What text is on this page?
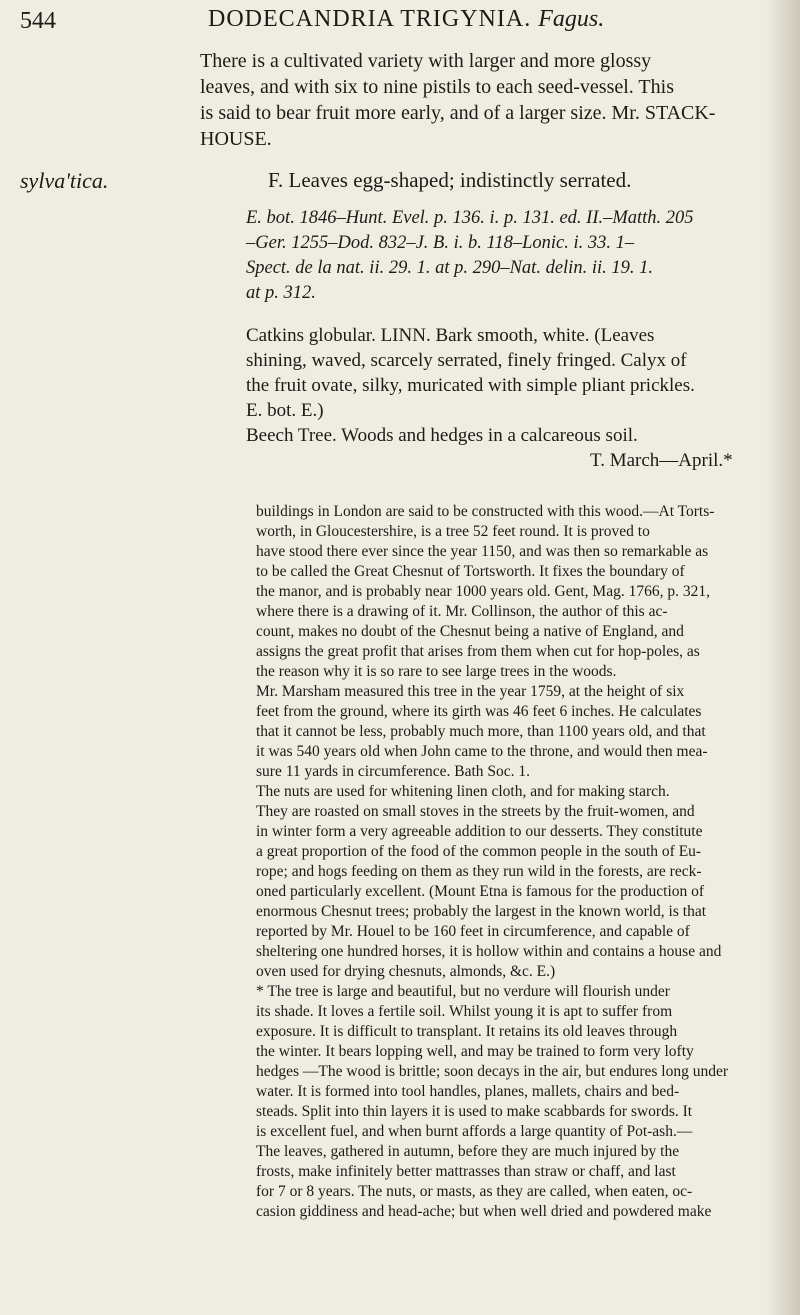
544	DODECANDRIA TRIGYNIA. Fagus.
There is a cultivated variety with larger and more glossy
leaves, and with six to nine pistils to each seed-vessel. This
is said to bear fruit more early, and of a larger size. Mr. STACK-
HOUSE.
sylva'tica.	F. Leaves egg-shaped; indistinctly serrated.
E. bot. 1846–Hunt. Evel. p. 136. i. p. 131. ed. II.–Matth. 205
–Ger. 1255–Dod. 832–J. B. i. b. 118–Lonic. i. 33. 1–
Spect. de la nat. ii. 29. 1. at p. 290–Nat. delin. ii. 19. 1.
at p. 312.
Catkins globular. LINN. Bark smooth, white. (Leaves
shining, waved, scarcely serrated, finely fringed. Calyx of
the fruit ovate, silky, muricated with simple pliant prickles.
E. bot. E.)
Beech Tree. Woods and hedges in a calcareous soil.
T. March—April.*
buildings in London are said to be constructed with this wood.—At Torts-
worth, in Gloucestershire, is a tree 52 feet round. It is proved to
have stood there ever since the year 1150, and was then so remarkable as
to be called the Great Chesnut of Tortsworth. It fixes the boundary of
the manor, and is probably near 1000 years old. Gent, Mag. 1766, p. 321,
where there is a drawing of it. Mr. Collinson, the author of this ac-
count, makes no doubt of the Chesnut being a native of England, and
assigns the great profit that arises from them when cut for hop-poles, as
the reason why it is so rare to see large trees in the woods.
Mr. Marsham measured this tree in the year 1759, at the height of six
feet from the ground, where its girth was 46 feet 6 inches. He calculates
that it cannot be less, probably much more, than 1100 years old, and that
it was 540 years old when John came to the throne, and would then mea-
sure 11 yards in circumference. Bath Soc. 1.
The nuts are used for whitening linen cloth, and for making starch.
They are roasted on small stoves in the streets by the fruit-women, and
in winter form a very agreeable addition to our desserts. They constitute
a great proportion of the food of the common people in the south of Eu-
rope; and hogs feeding on them as they run wild in the forests, are reck-
oned particularly excellent. (Mount Etna is famous for the production of
enormous Chesnut trees; probably the largest in the known world, is that
reported by Mr. Houel to be 160 feet in circumference, and capable of
sheltering one hundred horses, it is hollow within and contains a house and
oven used for drying chesnuts, almonds, &c. E.)
* The tree is large and beautiful, but no verdure will flourish under
its shade. It loves a fertile soil. Whilst young it is apt to suffer from
exposure. It is difficult to transplant. It retains its old leaves through
the winter. It bears lopping well, and may be trained to form very lofty
hedges —The wood is brittle; soon decays in the air, but endures long under
water. It is formed into tool handles, planes, mallets, chairs and bed-
steads. Split into thin layers it is used to make scabbards for swords. It
is excellent fuel, and when burnt affords a large quantity of Pot-ash.—
The leaves, gathered in autumn, before they are much injured by the
frosts, make infinitely better mattrasses than straw or chaff, and last
for 7 or 8 years. The nuts, or masts, as they are called, when eaten, oc-
casion giddiness and head-ache; but when well dried and powdered make
